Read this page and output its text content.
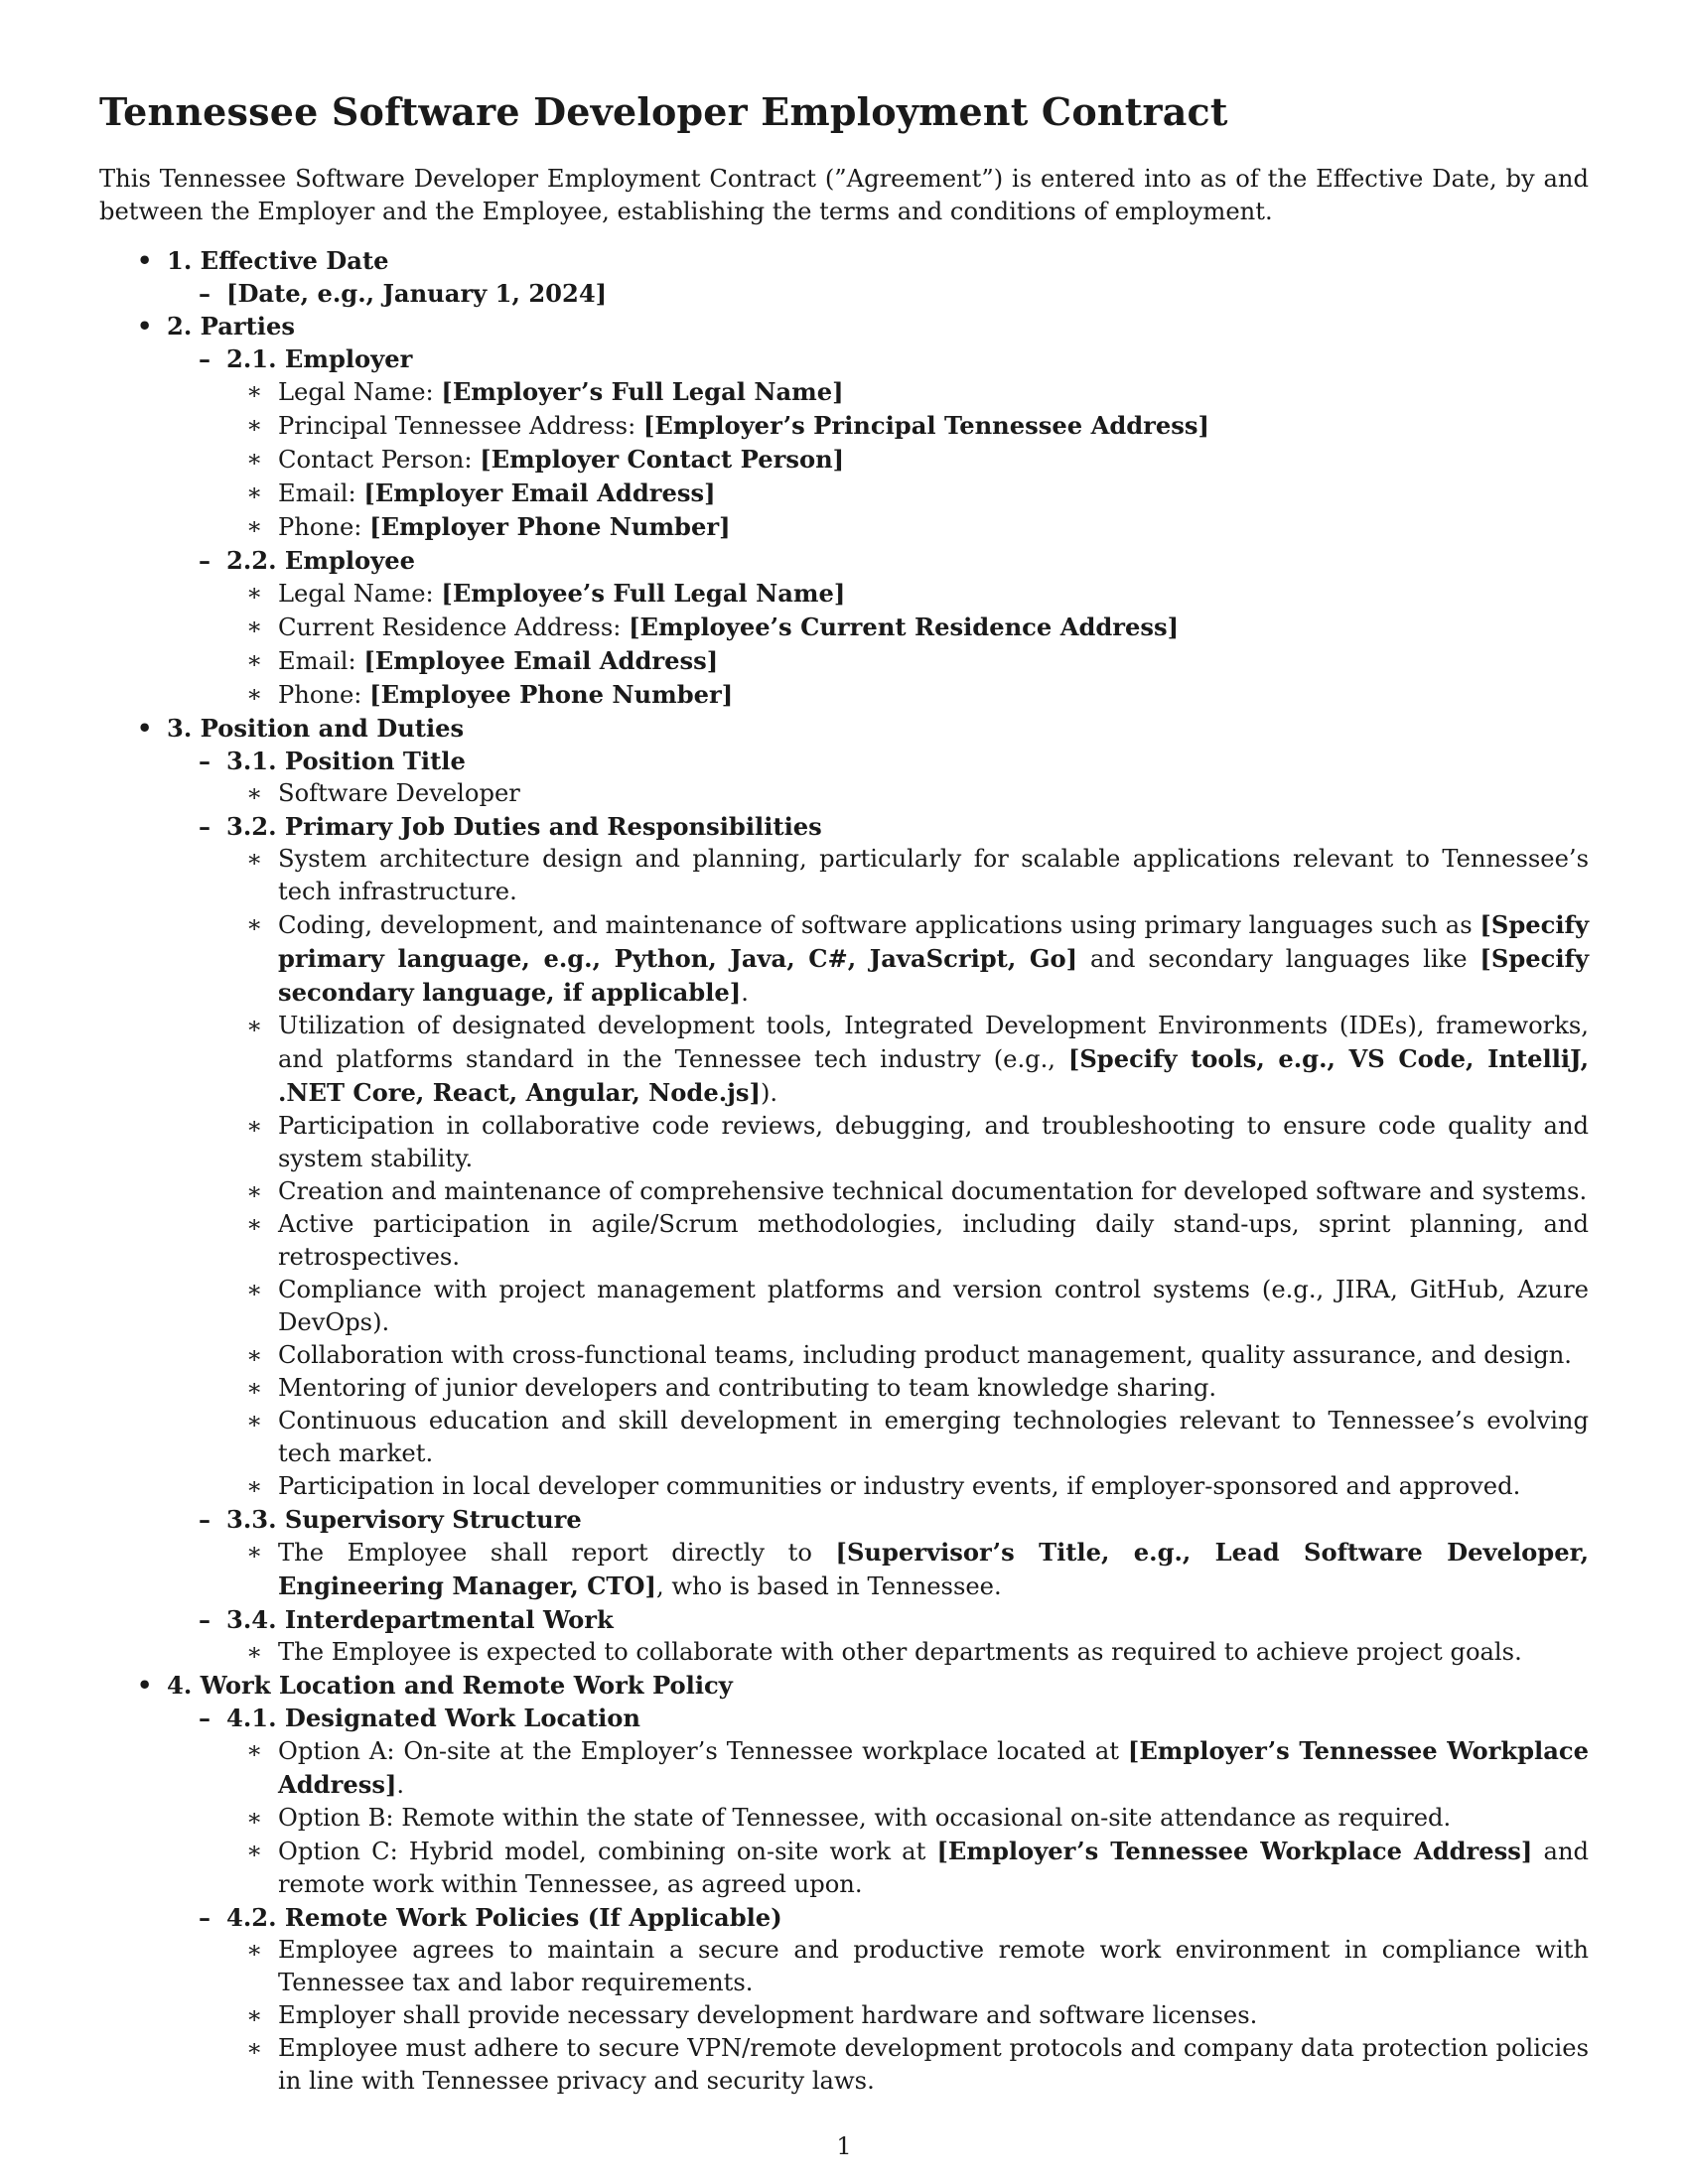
Tennessee Software Developer Employment Contract

This Tennessee Software Developer Employment Contract (”Agreement”) is entered into as of the Effective Date, by and between the Employer and the Employee, establishing the terms and conditions of employment.

• 1. Effective Date
– [Date, e.g., January 1, 2024]
• 2. Parties
– 2.1. Employer
∗ Legal Name: [Employer’s Full Legal Name]
∗ Principal Tennessee Address: [Employer’s Principal Tennessee Address]
∗ Contact Person: [Employer Contact Person]
∗ Email: [Employer Email Address]
∗ Phone: [Employer Phone Number]
– 2.2. Employee
∗ Legal Name: [Employee’s Full Legal Name]
∗ Current Residence Address: [Employee’s Current Residence Address]
∗ Email: [Employee Email Address]
∗ Phone: [Employee Phone Number]
• 3. Position and Duties
– 3.1. Position Title
∗ Software Developer
– 3.2. Primary Job Duties and Responsibilities
∗ System architecture design and planning, particularly for scalable applications relevant to Tennessee’s tech infrastructure.
∗ Coding, development, and maintenance of software applications using primary languages such as [Specify primary language, e.g., Python, Java, C#, JavaScript, Go] and secondary languages like [Specify secondary language, if applicable].
∗ Utilization of designated development tools, Integrated Development Environments (IDEs), frameworks, and platforms standard in the Tennessee tech industry (e.g., [Specify tools, e.g., VS Code, IntelliJ, .NET Core, React, Angular, Node.js]).
∗ Participation in collaborative code reviews, debugging, and troubleshooting to ensure code quality and system stability.
∗ Creation and maintenance of comprehensive technical documentation for developed software and systems.
∗ Active participation in agile/Scrum methodologies, including daily stand-ups, sprint planning, and retrospectives.
∗ Compliance with project management platforms and version control systems (e.g., JIRA, GitHub, Azure DevOps).
∗ Collaboration with cross-functional teams, including product management, quality assurance, and design.
∗ Mentoring of junior developers and contributing to team knowledge sharing.
∗ Continuous education and skill development in emerging technologies relevant to Tennessee’s evolving tech market.
∗ Participation in local developer communities or industry events, if employer-sponsored and approved.
– 3.3. Supervisory Structure
∗ The Employee shall report directly to [Supervisor’s Title, e.g., Lead Software Developer, Engineering Manager, CTO], who is based in Tennessee.
– 3.4. Interdepartmental Work
∗ The Employee is expected to collaborate with other departments as required to achieve project goals.
• 4. Work Location and Remote Work Policy
– 4.1. Designated Work Location
∗ Option A: On-site at the Employer’s Tennessee workplace located at [Employer’s Tennessee Workplace Address].
∗ Option B: Remote within the state of Tennessee, with occasional on-site attendance as required.
∗ Option C: Hybrid model, combining on-site work at [Employer’s Tennessee Workplace Address] and remote work within Tennessee, as agreed upon.
– 4.2. Remote Work Policies (If Applicable)
∗ Employee agrees to maintain a secure and productive remote work environment in compliance with Tennessee tax and labor requirements.
∗ Employer shall provide necessary development hardware and software licenses.
∗ Employee must adhere to secure VPN/remote development protocols and company data protection policies in line with Tennessee privacy and security laws.
1
